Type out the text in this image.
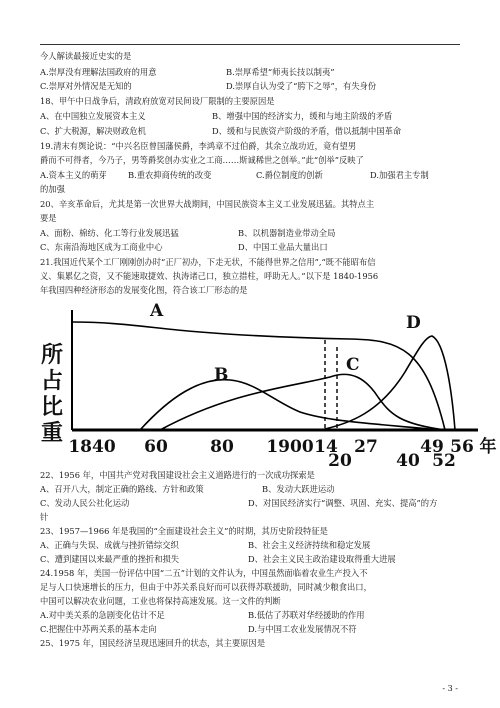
今人解读最接近史实的是
A.崇厚没有理解法国政府的用意	B.崇厚希望“师夷长技以制夷”
C.崇厚对外情况是无知的	D.崇厚自认为受了“胯下之辱”，有失身份
18、甲午中日战争后，清政府放宽对民间设厂限制的主要原因是
A、在中国独立发展资本主义	B、增强中国的经济实力，缓和与地主阶级的矛盾
C、扩大税源，解决财政危机	D、缓和与民族资产阶级的矛盾，借以抵制中国革命
19.清末有舆论说：“中兴名臣曾国藩侯爵，李鸿章不过伯爵，其余立战功近，竟有望男
爵而不可得者，今乃子，男等爵奖创办实业之工商……斯诚稀世之创举。”此“创举”反映了
A.资本主义的萌芽	B.重农抑商传统的改变	C.爵位制度的创新	D.加强君主专制
的加强
20、辛亥革命后，尤其是第一次世界大战期间，中国民族资本主义工业发展迅猛。其特点主
要是
A、面粉、棉纺、化工等行业发展迅猛	B、以机器制造业带动全局
C、东南沿海地区成为工商业中心	D、中国工业品大量出口
21.我国近代某个工厂刚刚创办时“正厂初办，下走无状，不能得世界之信用”,“既不能昭布信
义、集累亿之资，又不能速取捷效、执涛诸己口，独立措柱，呼助无人。”以下是 1840-1956
年我国四种经济形态的发展变化图，符合该工厂形态的是
所
占
比
重
A
B	C
D
1840 60 80 1900 14
20
27
40
49
52
56 年
22、1956 年，中国共产党对我国建设社会主义道路进行的一次成功探索是
A、召开八大，制定正确的路线、方针和政策	B、发动大跃进运动
C、发动人民公社化运动	D、对国民经济实行“调整、巩固、充实、提高”的方
针
23、1957—1966 年是我国的“全面建设社会主义”的时期，其历史阶段特征是
A、正确与失误、成就与挫折错综交织	B、社会主义经济持续和稳定发展
C、遭到建国以来最严重的挫折和损失	D、社会主义民主政治建设取得重大进展
24.1958 年，美国一份评估中国“二五”计划的文件认为，中国虽然面临着农业生产投入不
足与人口快速增长的压力，但由于中苏关系良好而可以获得苏联援助，同时减少粮食出口，
中国可以解决农业问题，工业也将保持高速发展。这一文件的判断
A.对中美关系的急剧变化估计不足	B.低估了苏联对华经援助的作用
C.把握住中苏两关系的基本走向	D.与中国工农业发展情况不符
25、1975 年，国民经济呈现迅速回升的状态，其主要原因是
- 3 -
